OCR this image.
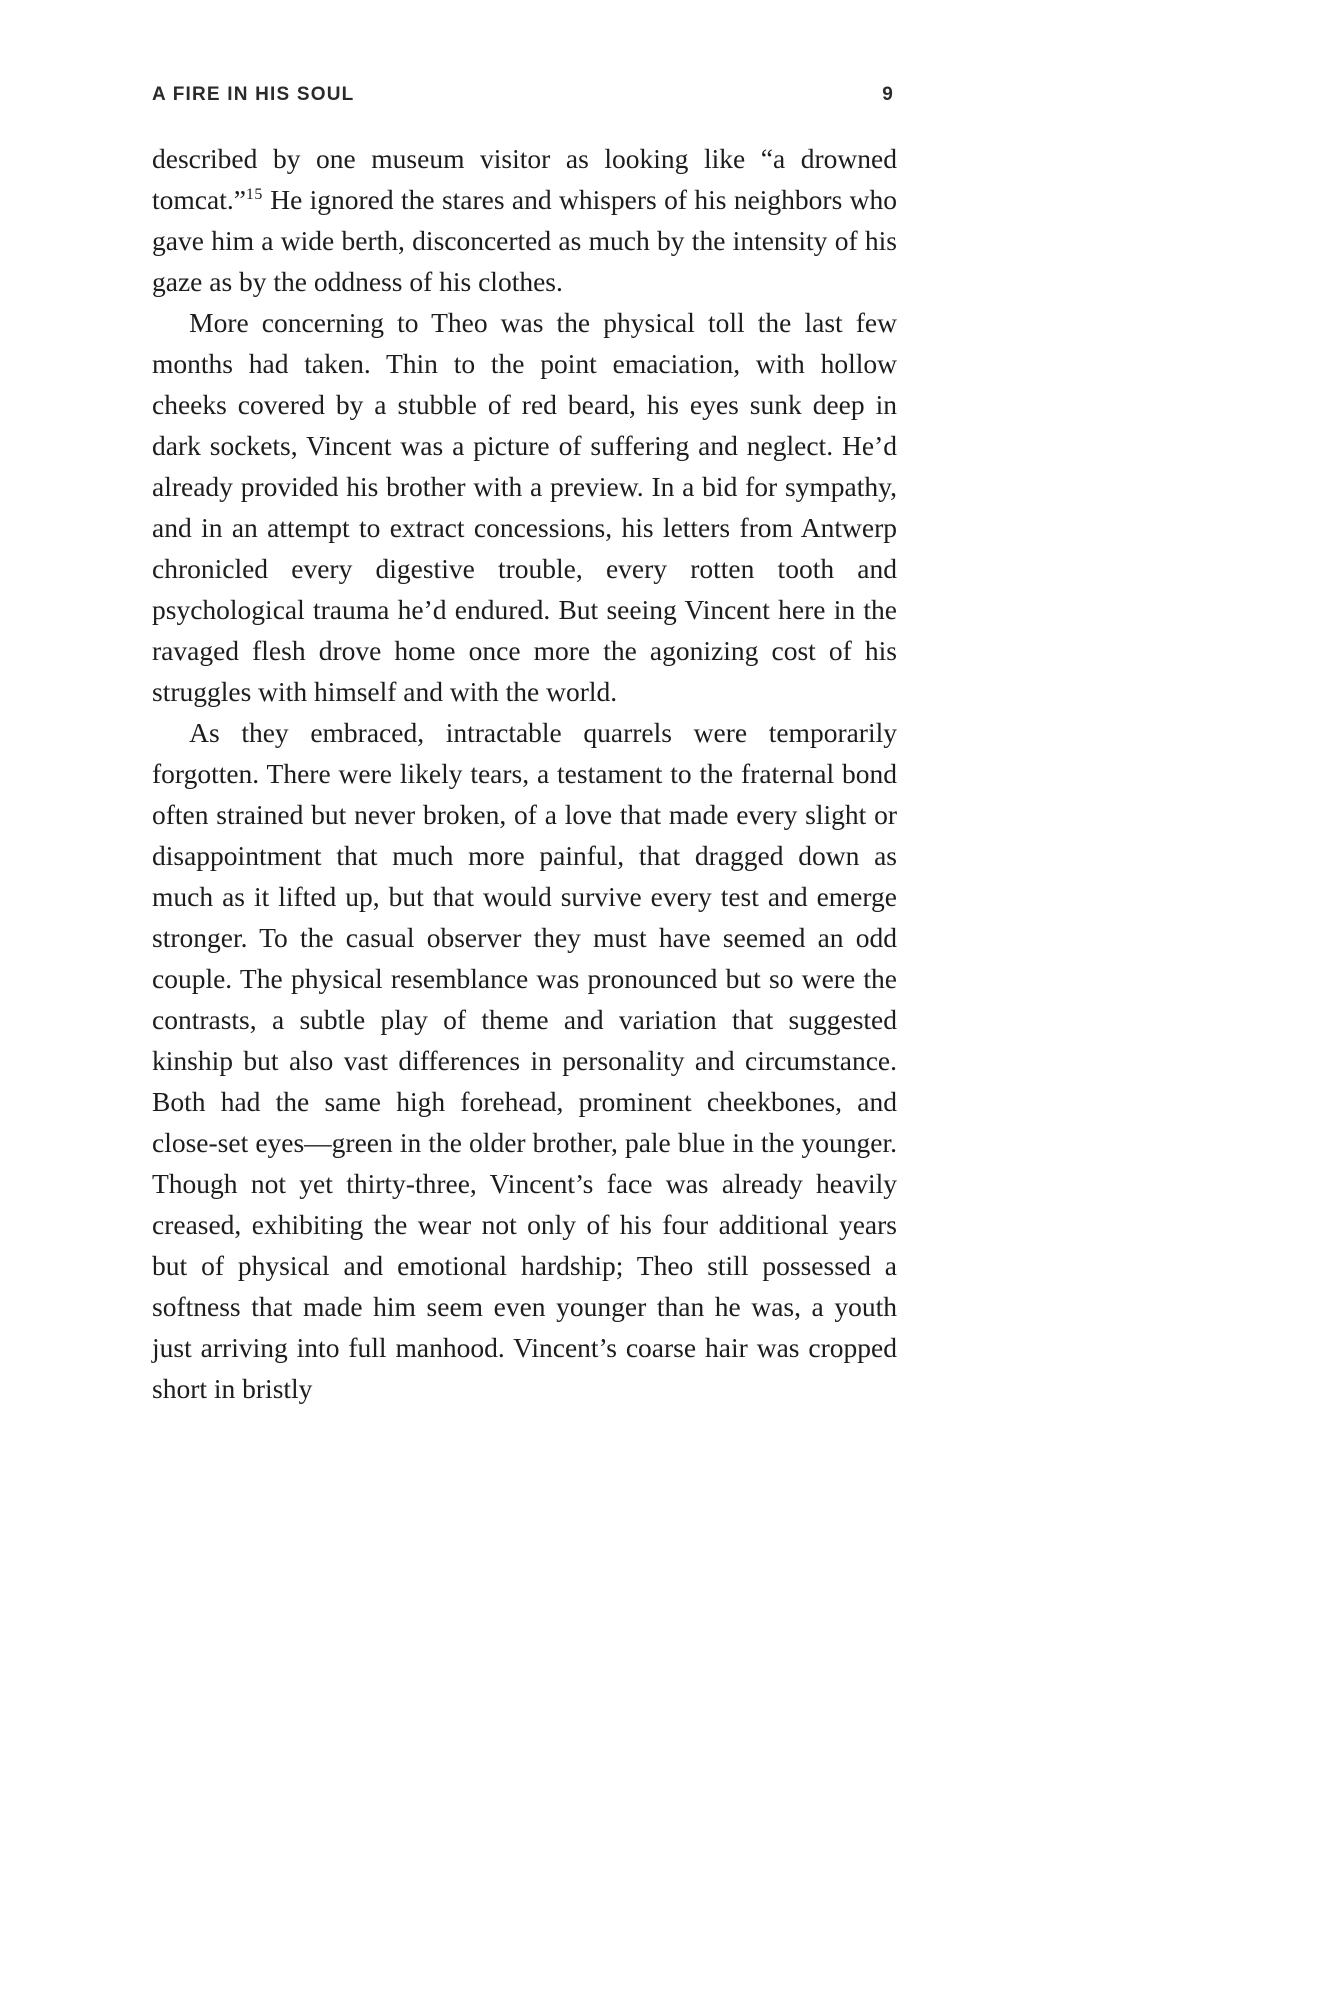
A FIRE IN HIS SOUL	9

described by one museum visitor as looking like “a drowned tomcat.”$^{15}$ He ignored the stares and whispers of his neighbors who gave him a wide berth, disconcerted as much by the intensity of his gaze as by the oddness of his clothes.

More concerning to Theo was the physical toll the last few months had taken. Thin to the point emaciation, with hollow cheeks covered by a stubble of red beard, his eyes sunk deep in dark sockets, Vincent was a picture of suffering and neglect. He’d already provided his brother with a preview. In a bid for sympathy, and in an attempt to extract concessions, his letters from Antwerp chronicled every digestive trouble, every rotten tooth and psychological trauma he’d endured. But seeing Vincent here in the ravaged flesh drove home once more the agonizing cost of his struggles with himself and with the world.

As they embraced, intractable quarrels were temporarily forgotten. There were likely tears, a testament to the fraternal bond often strained but never broken, of a love that made every slight or disappointment that much more painful, that dragged down as much as it lifted up, but that would survive every test and emerge stronger. To the casual observer they must have seemed an odd couple. The physical resemblance was pronounced but so were the contrasts, a subtle play of theme and variation that suggested kinship but also vast differences in personality and circumstance. Both had the same high forehead, prominent cheekbones, and close-set eyes—green in the older brother, pale blue in the younger. Though not yet thirty-three, Vincent’s face was already heavily creased, exhibiting the wear not only of his four additional years but of physical and emotional hardship; Theo still possessed a softness that made him seem even younger than he was, a youth just arriving into full manhood. Vincent’s coarse hair was cropped short in bristly
